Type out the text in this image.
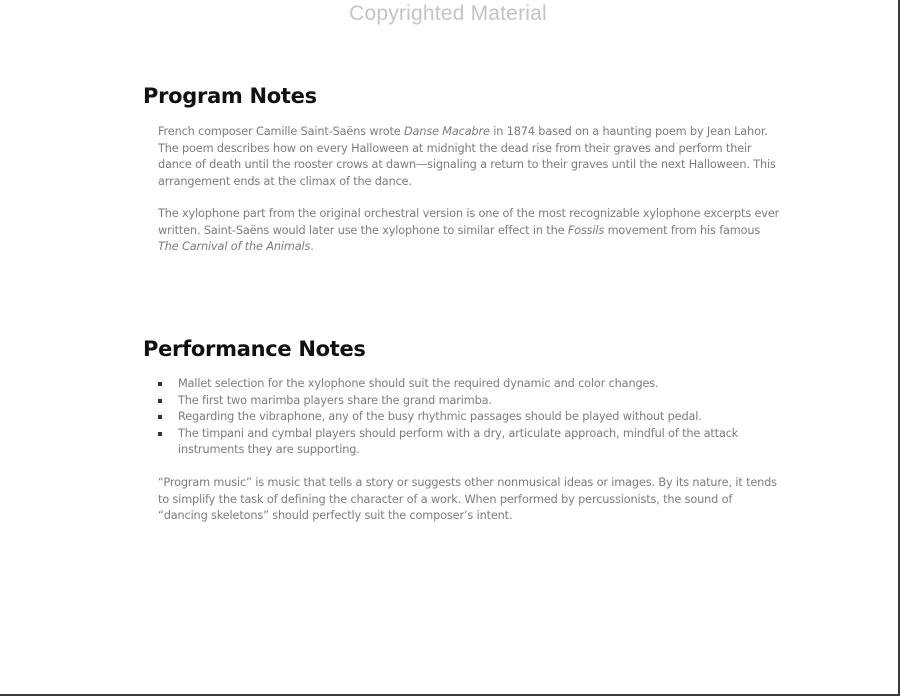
Copyrighted Material
Program Notes

French composer Camille Saint-Saëns wrote Danse Macabre in 1874 based on a haunting poem by Jean Lahor. The poem describes how on every Halloween at midnight the dead rise from their graves and perform their dance of death until the rooster crows at dawn—signaling a return to their graves until the next Halloween. This arrangement ends at the climax of the dance.

The xylophone part from the original orchestral version is one of the most recognizable xylophone excerpts ever written. Saint-Saëns would later use the xylophone to similar effect in the Fossils movement from his famous The Carnival of the Animals.

Performance Notes
Mallet selection for the xylophone should suit the required dynamic and color changes.
The first two marimba players share the grand marimba.
Regarding the vibraphone, any of the busy rhythmic passages should be played without pedal.
The timpani and cymbal players should perform with a dry, articulate approach, mindful of the attack instruments they are supporting.

“Program music” is music that tells a story or suggests other nonmusical ideas or images. By its nature, it tends to simplify the task of defining the character of a work. When performed by percussionists, the sound of “dancing skeletons” should perfectly suit the composer’s intent.
